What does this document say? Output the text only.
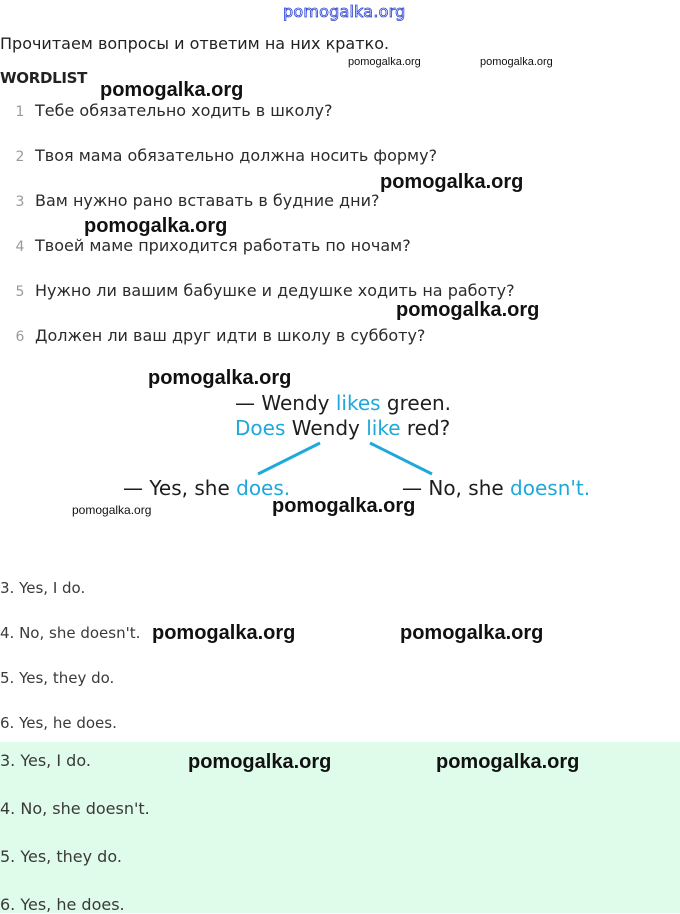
pomogalka.org
Прочитаем вопросы и ответим на них кратко.
WORDLIST
1 Тебе обязательно ходить в школу?
2 Твоя мама обязательно должна носить форму?
3 Вам нужно рано вставать в будние дни?
4 Твоей маме приходится работать по ночам?
5 Нужно ли вашим бабушке и дедушке ходить на работу?
6 Должен ли ваш друг идти в школу в субботу?
— Wendy likes green.
Does Wendy like red?
— Yes, she does.	— No, she doesn't.
3. Yes, I do.
4. No, she doesn't.
5. Yes, they do.
6. Yes, he does.
3. Yes, I do.
4. No, she doesn't.
5. Yes, they do.
6. Yes, he does.
pomogalka.org	pomogalka.org
pomogalka.org
pomogalka.org
pomogalka.org
pomogalka.org
pomogalka.org
pomogalka.org	pomogalka.org
pomogalka.org	pomogalka.org
pomogalka.org	pomogalka.org
